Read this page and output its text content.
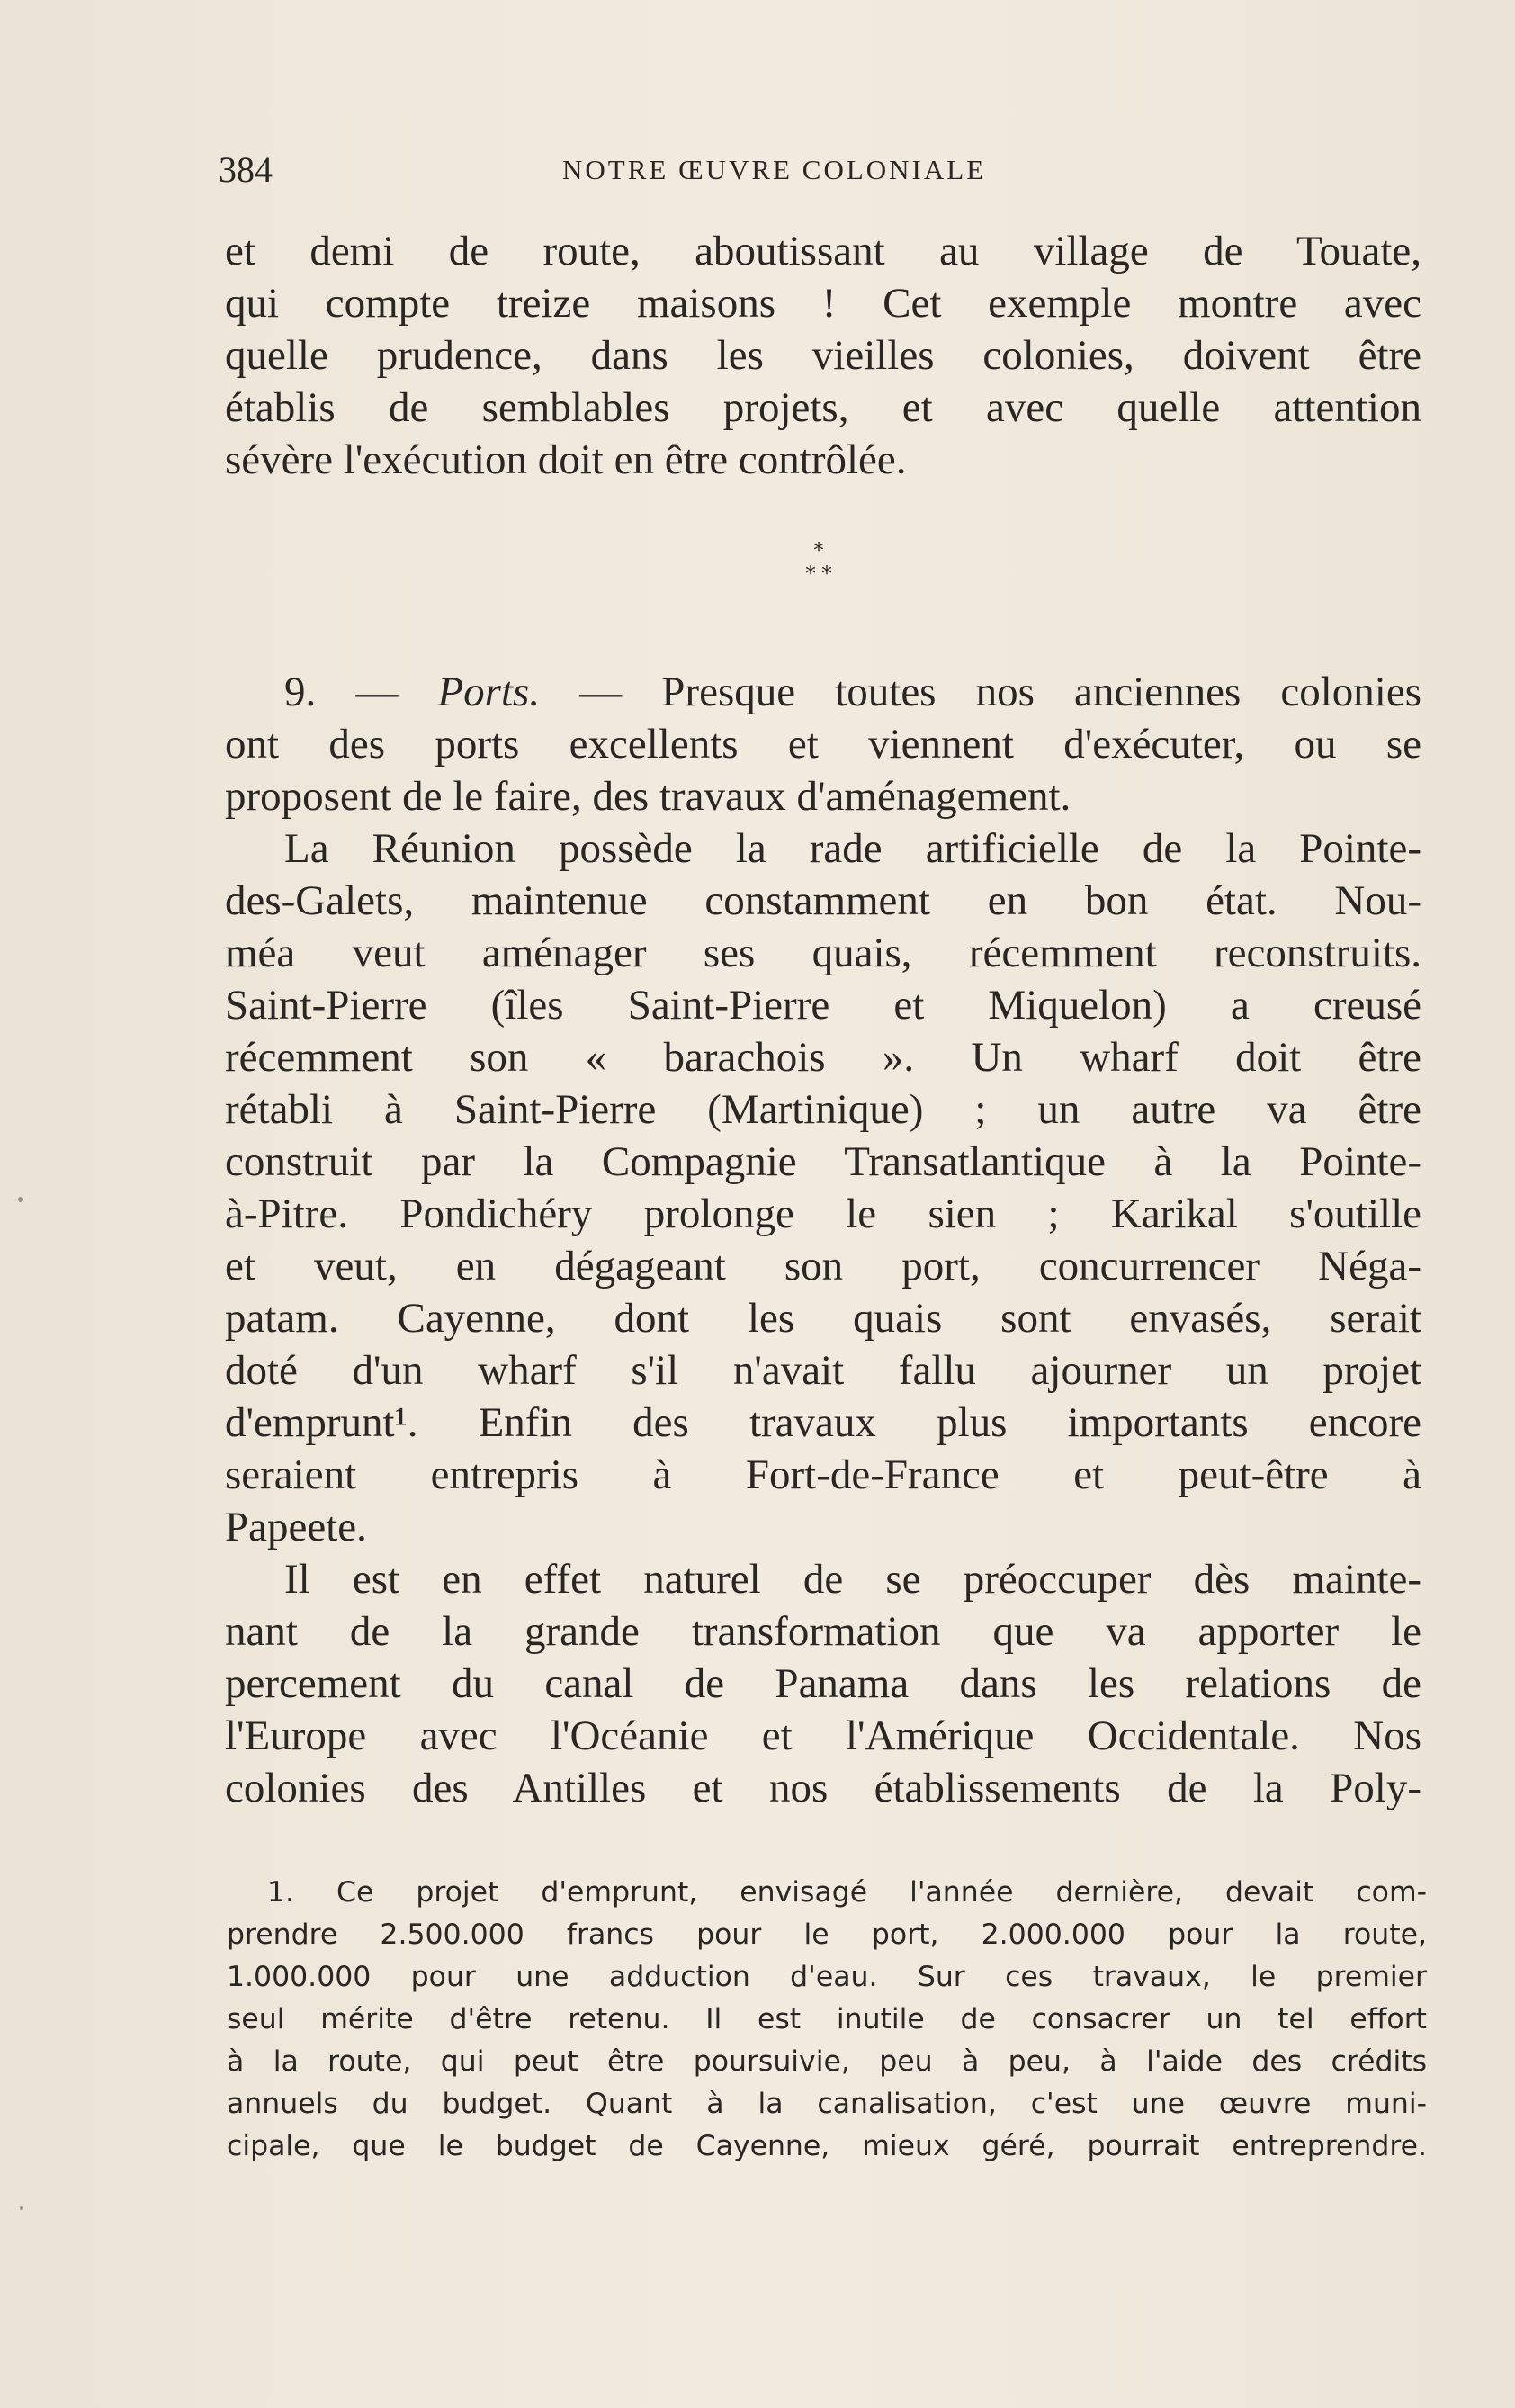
384	NOTRE ŒUVRE COLONIALE
et demi de route, aboutissant au village de Touate,
qui compte treize maisons ! Cet exemple montre avec
quelle prudence, dans les vieilles colonies, doivent être
établis de semblables projets, et avec quelle attention
sévère l'exécution doit en être contrôlée.
*
* *
9. — Ports. — Presque toutes nos anciennes colonies
ont des ports excellents et viennent d'exécuter, ou se
proposent de le faire, des travaux d'aménagement.
La Réunion possède la rade artificielle de la Pointe-
des-Galets, maintenue constamment en bon état. Nou-
méa veut aménager ses quais, récemment reconstruits.
Saint-Pierre (îles Saint-Pierre et Miquelon) a creusé
récemment son « barachois ». Un wharf doit être
rétabli à Saint-Pierre (Martinique) ; un autre va être
construit par la Compagnie Transatlantique à la Pointe-
à-Pitre. Pondichéry prolonge le sien ; Karikal s'outille
et veut, en dégageant son port, concurrencer Néga-
patam. Cayenne, dont les quais sont envasés, serait
doté d'un wharf s'il n'avait fallu ajourner un projet
d'emprunt¹. Enfin des travaux plus importants encore
seraient entrepris à Fort-de-France et peut-être à
Papeete.
Il est en effet naturel de se préoccuper dès mainte-
nant de la grande transformation que va apporter le
percement du canal de Panama dans les relations de
l'Europe avec l'Océanie et l'Amérique Occidentale. Nos
colonies des Antilles et nos établissements de la Poly-
1. Ce projet d'emprunt, envisagé l'année dernière, devait com-
prendre 2.500.000 francs pour le port, 2.000.000 pour la route,
1.000.000 pour une adduction d'eau. Sur ces travaux, le premier
seul mérite d'être retenu. Il est inutile de consacrer un tel effort
à la route, qui peut être poursuivie, peu à peu, à l'aide des crédits
annuels du budget. Quant à la canalisation, c'est une œuvre muni-
cipale, que le budget de Cayenne, mieux géré, pourrait entreprendre.
